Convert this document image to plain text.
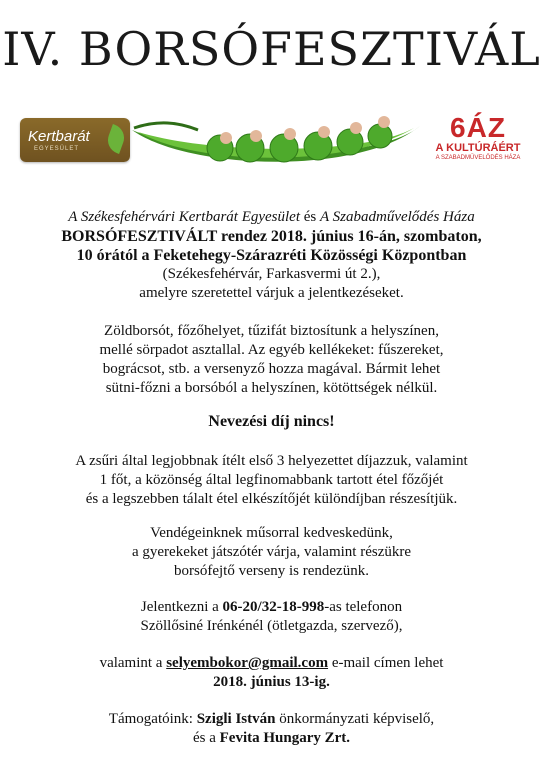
IV. BORSÓFESZTIVÁL
Kertbarát
EGYESÜLET
6ÁZ
A KULTÚRÁÉRT
A SZABADMŰVELŐDÉS HÁZA
A Székesfehérvári Kertbarát Egyesület és A Szabadművelődés Háza
BORSÓFESZTIVÁLT rendez 2018. június 16-án, szombaton,
10 órától a Feketehegy-Szárazréti Közösségi Központban
(Székesfehérvár, Farkasvermi út 2.),
amelyre szeretettel várjuk a jelentkezéseket.
Zöldborsót, főzőhelyet, tűzifát biztosítunk a helyszínen,
mellé sörpadot asztallal. Az egyéb kellékeket: fűszereket,
bográcsot, stb. a versenyző hozza magával. Bármit lehet
sütni-főzni a borsóból a helyszínen, kötöttségek nélkül.
Nevezési díj nincs!
A zsűri által legjobbnak ítélt első 3 helyezettet díjazzuk, valamint
1 főt, a közönség által legfinomabbank tartott étel főzőjét
és a legszebben tálalt étel elkészítőjét különdíjban részesítjük.
Vendégeinknek műsorral kedveskedünk,
a gyerekeket játszótér várja, valamint részükre
borsófejtő verseny is rendezünk.
Jelentkezni a 06-20/32-18-998-as telefonon
Szöllősiné Irénkénél (ötletgazda, szervező),
valamint a selyembokor@gmail.com e-mail címen lehet
2018. június 13-ig.
Támogatóink: Szigli István önkormányzati képviselő,
és a Fevita Hungary Zrt.
